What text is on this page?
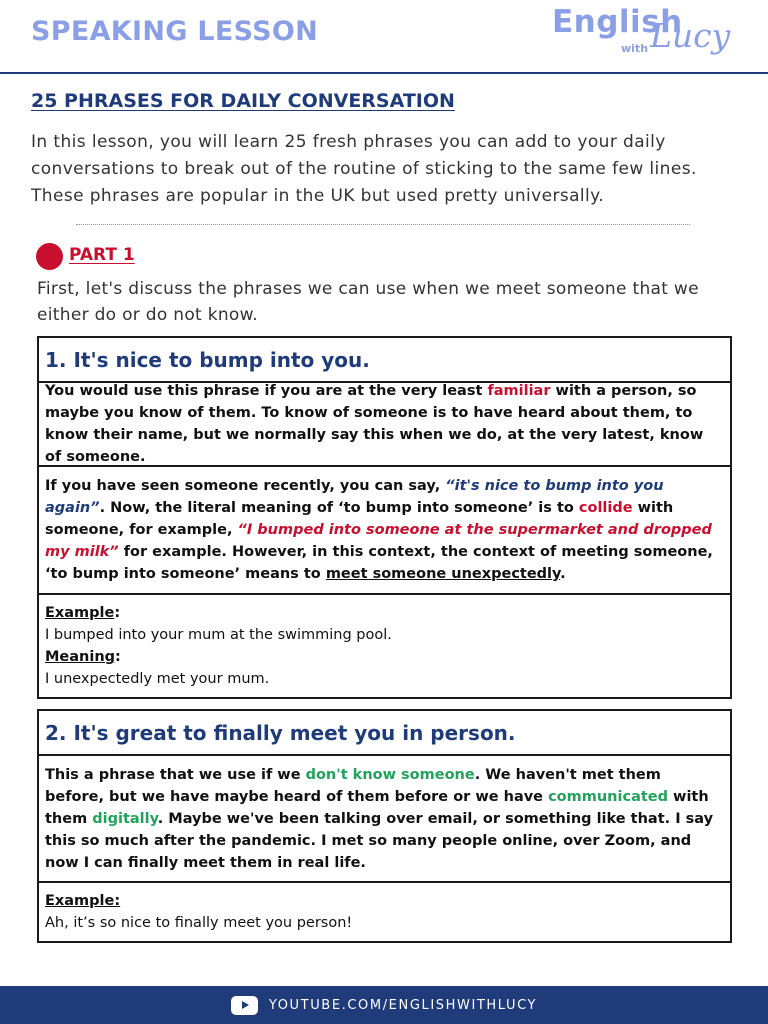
SPEAKING LESSON	English
with Lucy
25 PHRASES FOR DAILY CONVERSATION
In this lesson, you will learn 25 fresh phrases you can add to your daily
conversations to break out of the routine of sticking to the same few lines.
These phrases are popular in the UK but used pretty universally.
PART 1
First, let's discuss the phrases we can use when we meet someone that we
either do or do not know.
1. It's nice to bump into you.
You would use this phrase if you are at the very least familiar with a person, so maybe you know of them. To know of someone is to have heard about them, to know their name, but we normally say this when we do, at the very latest, know of someone.
If you have seen someone recently, you can say, “it's nice to bump into you again”. Now, the literal meaning of ‘to bump into someone’ is to collide with someone, for example, “I bumped into someone at the supermarket and dropped my milk” for example. However, in this context, the context of meeting someone, ‘to bump into someone’ means to meet someone unexpectedly.
Example:
I bumped into your mum at the swimming pool.
Meaning:
I unexpectedly met your mum.
2. It's great to finally meet you in person.
This a phrase that we use if we don't know someone. We haven't met them before, but we have maybe heard of them before or we have communicated with them digitally. Maybe we've been talking over email, or something like that. I say this so much after the pandemic. I met so many people online, over Zoom, and now I can finally meet them in real life.
Example:
Ah, it’s so nice to finally meet you person!
YOUTUBE.COM/ENGLISHWITHLUCY
